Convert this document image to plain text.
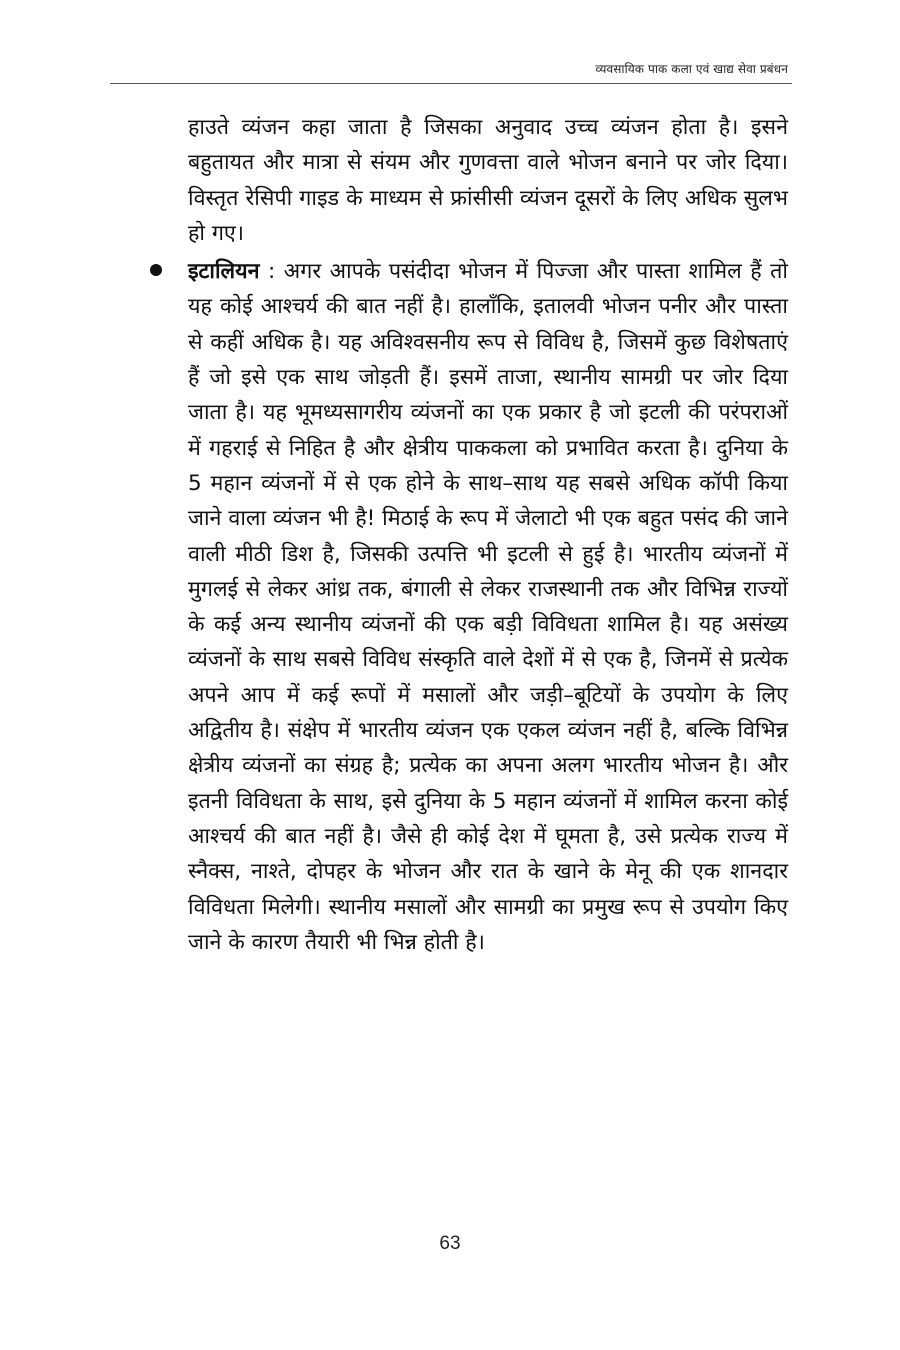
व्यवसायिक पाक कला एवं खाद्य सेवा प्रबंधन

हाउते व्यंजन कहा जाता है जिसका अनुवाद उच्च व्यंजन होता है। इसने बहुतायत और मात्रा से संयम और गुणवत्ता वाले भोजन बनाने पर जोर दिया। विस्तृत रेसिपी गाइड के माध्यम से फ्रांसीसी व्यंजन दूसरों के लिए अधिक सुलभ हो गए।

इटालियन : अगर आपके पसंदीदा भोजन में पिज्जा और पास्ता शामिल हैं तो यह कोई आश्चर्य की बात नहीं है। हालाँकि, इतालवी भोजन पनीर और पास्ता से कहीं अधिक है। यह अविश्वसनीय रूप से विविध है, जिसमें कुछ विशेषताएं हैं जो इसे एक साथ जोड़ती हैं। इसमें ताजा, स्थानीय सामग्री पर जोर दिया जाता है। यह भूमध्यसागरीय व्यंजनों का एक प्रकार है जो इटली की परंपराओं में गहराई से निहित है और क्षेत्रीय पाककला को प्रभावित करता है। दुनिया के 5 महान व्यंजनों में से एक होने के साथ–साथ यह सबसे अधिक कॉपी किया जाने वाला व्यंजन भी है! मिठाई के रूप में जेलाटो भी एक बहुत पसंद की जाने वाली मीठी डिश है, जिसकी उत्पत्ति भी इटली से हुई है। भारतीय व्यंजनों में मुगलई से लेकर आंध्र तक, बंगाली से लेकर राजस्थानी तक और विभिन्न राज्यों के कई अन्य स्थानीय व्यंजनों की एक बड़ी विविधता शामिल है। यह असंख्य व्यंजनों के साथ सबसे विविध संस्कृति वाले देशों में से एक है, जिनमें से प्रत्येक अपने आप में कई रूपों में मसालों और जड़ी–बूटियों के उपयोग के लिए अद्वितीय है। संक्षेप में भारतीय व्यंजन एक एकल व्यंजन नहीं है, बल्कि विभिन्न क्षेत्रीय व्यंजनों का संग्रह है; प्रत्येक का अपना अलग भारतीय भोजन है। और इतनी विविधता के साथ, इसे दुनिया के 5 महान व्यंजनों में शामिल करना कोई आश्चर्य की बात नहीं है। जैसे ही कोई देश में घूमता है, उसे प्रत्येक राज्य में स्नैक्स, नाश्ते, दोपहर के भोजन और रात के खाने के मेनू की एक शानदार विविधता मिलेगी। स्थानीय मसालों और सामग्री का प्रमुख रूप से उपयोग किए जाने के कारण तैयारी भी भिन्न होती है।

63
